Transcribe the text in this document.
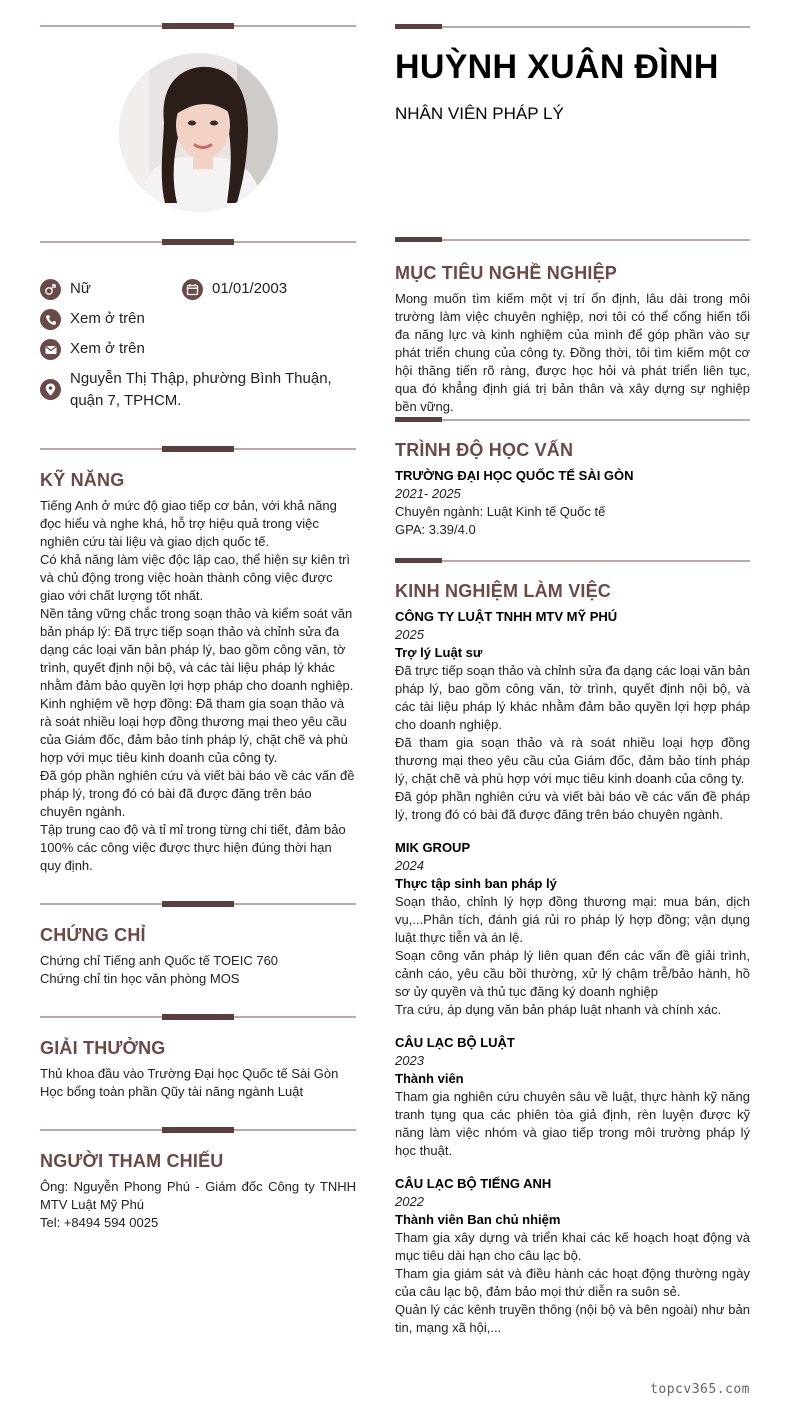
Nữ	01/01/2003
Xem ở trên
Xem ở trên
Nguyễn Thị Thập, phường Bình Thuận, quận 7, TPHCM.
KỸ NĂNG
Tiếng Anh ở mức độ giao tiếp cơ bản, với khả năng đọc hiểu và nghe khá, hỗ trợ hiệu quả trong việc nghiên cứu tài liệu và giao dịch quốc tế.
Có khả năng làm việc độc lập cao, thể hiện sự kiên trì và chủ động trong việc hoàn thành công việc được giao với chất lượng tốt nhất.
Nền tảng vững chắc trong soạn thảo và kiểm soát văn bản pháp lý: Đã trực tiếp soạn thảo và chỉnh sửa đa dạng các loại văn bản pháp lý, bao gồm công văn, tờ trình, quyết định nội bộ, và các tài liệu pháp lý khác nhằm đảm bảo quyền lợi hợp pháp cho doanh nghiệp.
Kinh nghiệm về hợp đồng: Đã tham gia soạn thảo và rà soát nhiều loại hợp đồng thương mại theo yêu cầu của Giám đốc, đảm bảo tính pháp lý, chặt chẽ và phù hợp với mục tiêu kinh doanh của công ty.
Đã góp phần nghiên cứu và viết bài báo về các vấn đề pháp lý, trong đó có bài đã được đăng trên báo chuyên ngành.
Tập trung cao độ và tỉ mỉ trong từng chi tiết, đảm bảo 100% các công việc được thực hiện đúng thời hạn quy định.
CHỨNG CHỈ
Chứng chỉ Tiếng anh Quốc tế TOEIC 760
Chứng chỉ tin học văn phòng MOS
GIẢI THƯỞNG
Thủ khoa đầu vào Trường Đại học Quốc tế Sài Gòn
Học bổng toàn phần Qũy tài năng ngành Luật
NGƯỜI THAM CHIẾU
Ông: Nguyễn Phong Phú - Giám đốc Công ty TNHH MTV Luật Mỹ Phú
Tel: +8494 594 0025
HUỲNH XUÂN ĐÌNH
NHÂN VIÊN PHÁP LÝ
MỤC TIÊU NGHỀ NGHIỆP
Mong muốn tìm kiếm một vị trí ổn định, lâu dài trong môi trường làm việc chuyên nghiệp, nơi tôi có thể cống hiến tối đa năng lực và kinh nghiệm của mình để góp phần vào sự phát triển chung của công ty. Đồng thời, tôi tìm kiếm một cơ hội thăng tiến rõ ràng, được học hỏi và phát triển liên tục, qua đó khẳng định giá trị bản thân và xây dựng sự nghiệp bền vững.
TRÌNH ĐỘ HỌC VẤN
TRƯỜNG ĐẠI HỌC QUỐC TẾ SÀI GÒN
2021- 2025
Chuyên ngành: Luật Kinh tế Quốc tế
GPA: 3.39/4.0
KINH NGHIỆM LÀM VIỆC
CÔNG TY LUẬT TNHH MTV MỸ PHÚ
2025
Trợ lý Luật sư
Đã trực tiếp soạn thảo và chỉnh sửa đa dạng các loại văn bản pháp lý, bao gồm công văn, tờ trình, quyết định nội bộ, và các tài liệu pháp lý khác nhằm đảm bảo quyền lợi hợp pháp cho doanh nghiệp.
Đã tham gia soạn thảo và rà soát nhiều loại hợp đồng thương mại theo yêu cầu của Giám đốc, đảm bảo tính pháp lý, chặt chẽ và phù hợp với mục tiêu kinh doanh của công ty.
Đã góp phần nghiên cứu và viết bài báo về các vấn đề pháp lý, trong đó có bài đã được đăng trên báo chuyên ngành.
MIK GROUP
2024
Thực tập sinh ban pháp lý
Soạn thảo, chỉnh lý hợp đồng thương mại: mua bán, dịch vụ,...Phân tích, đánh giá rủi ro pháp lý hợp đồng; vận dụng luật thực tiễn và án lệ.
Soạn công văn pháp lý liên quan đến các vấn đề giải trình, cảnh cáo, yêu cầu bồi thường, xử lý chậm trễ/bảo hành, hồ sơ ủy quyền và thủ tục đăng ký doanh nghiệp
Tra cứu, áp dụng văn bản pháp luật nhanh và chính xác.
CÂU LẠC BỘ LUẬT
2023
Thành viên
Tham gia nghiên cứu chuyên sâu về luật, thực hành kỹ năng tranh tụng qua các phiên tòa giả định, rèn luyện được kỹ năng làm việc nhóm và giao tiếp trong môi trường pháp lý học thuật.
CÂU LẠC BỘ TIẾNG ANH
2022
Thành viên Ban chủ nhiệm
Tham gia xây dựng và triển khai các kế hoạch hoạt động và mục tiêu dài hạn cho câu lạc bộ.
Tham gia giám sát và điều hành các hoạt động thường ngày của câu lạc bộ, đảm bảo mọi thứ diễn ra suôn sẻ.
Quản lý các kênh truyền thông (nội bộ và bên ngoài) như bản tin, mạng xã hội,...
topcv365.com
